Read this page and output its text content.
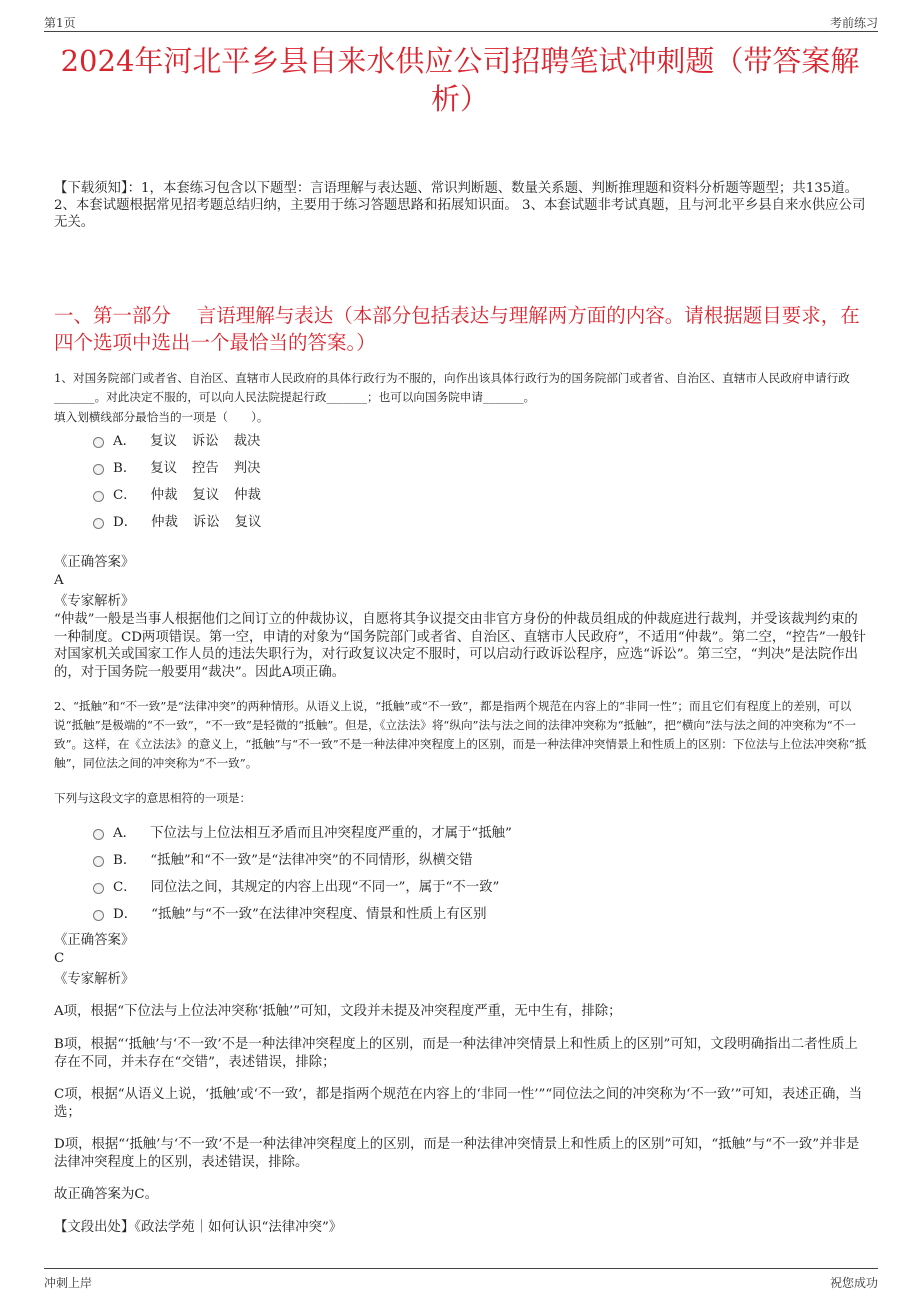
第1页	考前练习
2024年河北平乡县自来水供应公司招聘笔试冲刺题（带答案解析）
【下载须知】：1，本套练习包含以下题型：言语理解与表达题、常识判断题、数量关系题、判断推理题和资料分析题等题型；共135道。 2、本套试题根据常见招考题总结归纳，主要用于练习答题思路和拓展知识面。 3、本套试题非考试真题，且与河北平乡县自来水供应公司无关。
一、第一部分　 言语理解与表达（本部分包括表达与理解两方面的内容。请根据题目要求，在四个选项中选出一个最恰当的答案。）
1、对国务院部门或者省、自治区、直辖市人民政府的具体行政行为不服的，向作出该具体行政行为的国务院部门或者省、自治区、直辖市人民政府申请行政_______。对此决定不服的，可以向人民法院提起行政_______；也可以向国务院申请_______。
填入划横线部分最恰当的一项是（　　）。
A． 复议 诉讼 裁决
B． 复议 控告 判决
C． 仲裁 复议 仲裁
D． 仲裁 诉讼 复议
《正确答案》
A
《专家解析》
“仲裁”一般是当事人根据他们之间订立的仲裁协议，自愿将其争议提交由非官方身份的仲裁员组成的仲裁庭进行裁判，并受该裁判约束的一种制度。CD两项错误。第一空，申请的对象为“国务院部门或者省、自治区、直辖市人民政府”，不适用“仲裁”。第二空，“控告”一般针对国家机关或国家工作人员的违法失职行为，对行政复议决定不服时，可以启动行政诉讼程序，应选“诉讼”。第三空，“判决”是法院作出的，对于国务院一般要用“裁决”。因此A项正确。
2、“抵触”和“不一致”是“法律冲突”的两种情形。从语义上说，“抵触”或“不一致”，都是指两个规范在内容上的“非同一性”；而且它们有程度上的差别，可以说“抵触”是极端的“不一致”，“不一致”是轻微的“抵触”。但是，《立法法》将“纵向”法与法之间的法律冲突称为“抵触”，把“横向”法与法之间的冲突称为“不一致”。这样，在《立法法》的意义上，“抵触”与“不一致”不是一种法律冲突程度上的区别，而是一种法律冲突情景上和性质上的区别：下位法与上位法冲突称“抵触”，同位法之间的冲突称为“不一致”。
下列与这段文字的意思相符的一项是：
A． 下位法与上位法相互矛盾而且冲突程度严重的，才属于“抵触”
B． “抵触”和“不一致”是“法律冲突”的不同情形，纵横交错
C． 同位法之间，其规定的内容上出现“不同一”，属于“不一致”
D． “抵触”与“不一致”在法律冲突程度、情景和性质上有区别
《正确答案》
C
《专家解析》
A项，根据“下位法与上位法冲突称‘抵触’”可知，文段并未提及冲突程度严重，无中生有，排除；
B项，根据“‘抵触’与‘不一致’不是一种法律冲突程度上的区别，而是一种法律冲突情景上和性质上的区别”可知，文段明确指出二者性质上存在不同，并未存在“交错”，表述错误，排除；
C项，根据“从语义上说，‘抵触’或‘不一致’，都是指两个规范在内容上的‘非同一性’”“同位法之间的冲突称为‘不一致’”可知，表述正确，当选；
D项，根据“‘抵触’与‘不一致’不是一种法律冲突程度上的区别，而是一种法律冲突情景上和性质上的区别”可知，“抵触”与“不一致”并非是法律冲突程度上的区别，表述错误，排除。
故正确答案为C。
【文段出处】《政法学苑｜如何认识“法律冲突”》
冲刺上岸	祝您成功
